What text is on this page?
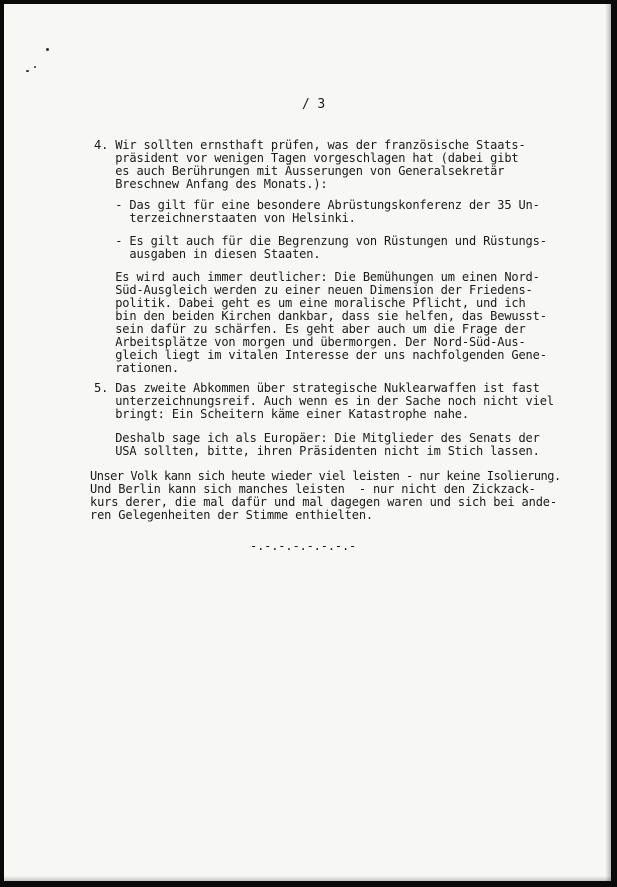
/ 3
4. Wir sollten ernsthaft prüfen, was der französische Staats-
präsident vor wenigen Tagen vorgeschlagen hat (dabei gibt
es auch Berührungen mit Äusserungen von Generalsekretär
Breschnew Anfang des Monats.):
- Das gilt für eine besondere Abrüstungskonferenz der 35 Un-
terzeichnerstaaten von Helsinki.
- Es gilt auch für die Begrenzung von Rüstungen und Rüstungs-
ausgaben in diesen Staaten.
Es wird auch immer deutlicher: Die Bemühungen um einen Nord-
Süd-Ausgleich werden zu einer neuen Dimension der Friedens-
politik. Dabei geht es um eine moralische Pflicht, und ich
bin den beiden Kirchen dankbar, dass sie helfen, das Bewusst-
sein dafür zu schärfen. Es geht aber auch um die Frage der
Arbeitsplätze von morgen und übermorgen. Der Nord-Süd-Aus-
gleich liegt im vitalen Interesse der uns nachfolgenden Gene-
rationen.
5. Das zweite Abkommen über strategische Nuklearwaffen ist fast
unterzeichnungsreif. Auch wenn es in der Sache noch nicht viel
bringt: Ein Scheitern käme einer Katastrophe nahe.
Deshalb sage ich als Europäer: Die Mitglieder des Senats der
USA sollten, bitte, ihren Präsidenten nicht im Stich lassen.
Unser Volk kann sich heute wieder viel leisten - nur keine Isolierung.
Und Berlin kann sich manches leisten  - nur nicht den Zickzack-
kurs derer, die mal dafür und mal dagegen waren und sich bei ande-
ren Gelegenheiten der Stimme enthielten.
-.-.-.-.-.-.-.-
